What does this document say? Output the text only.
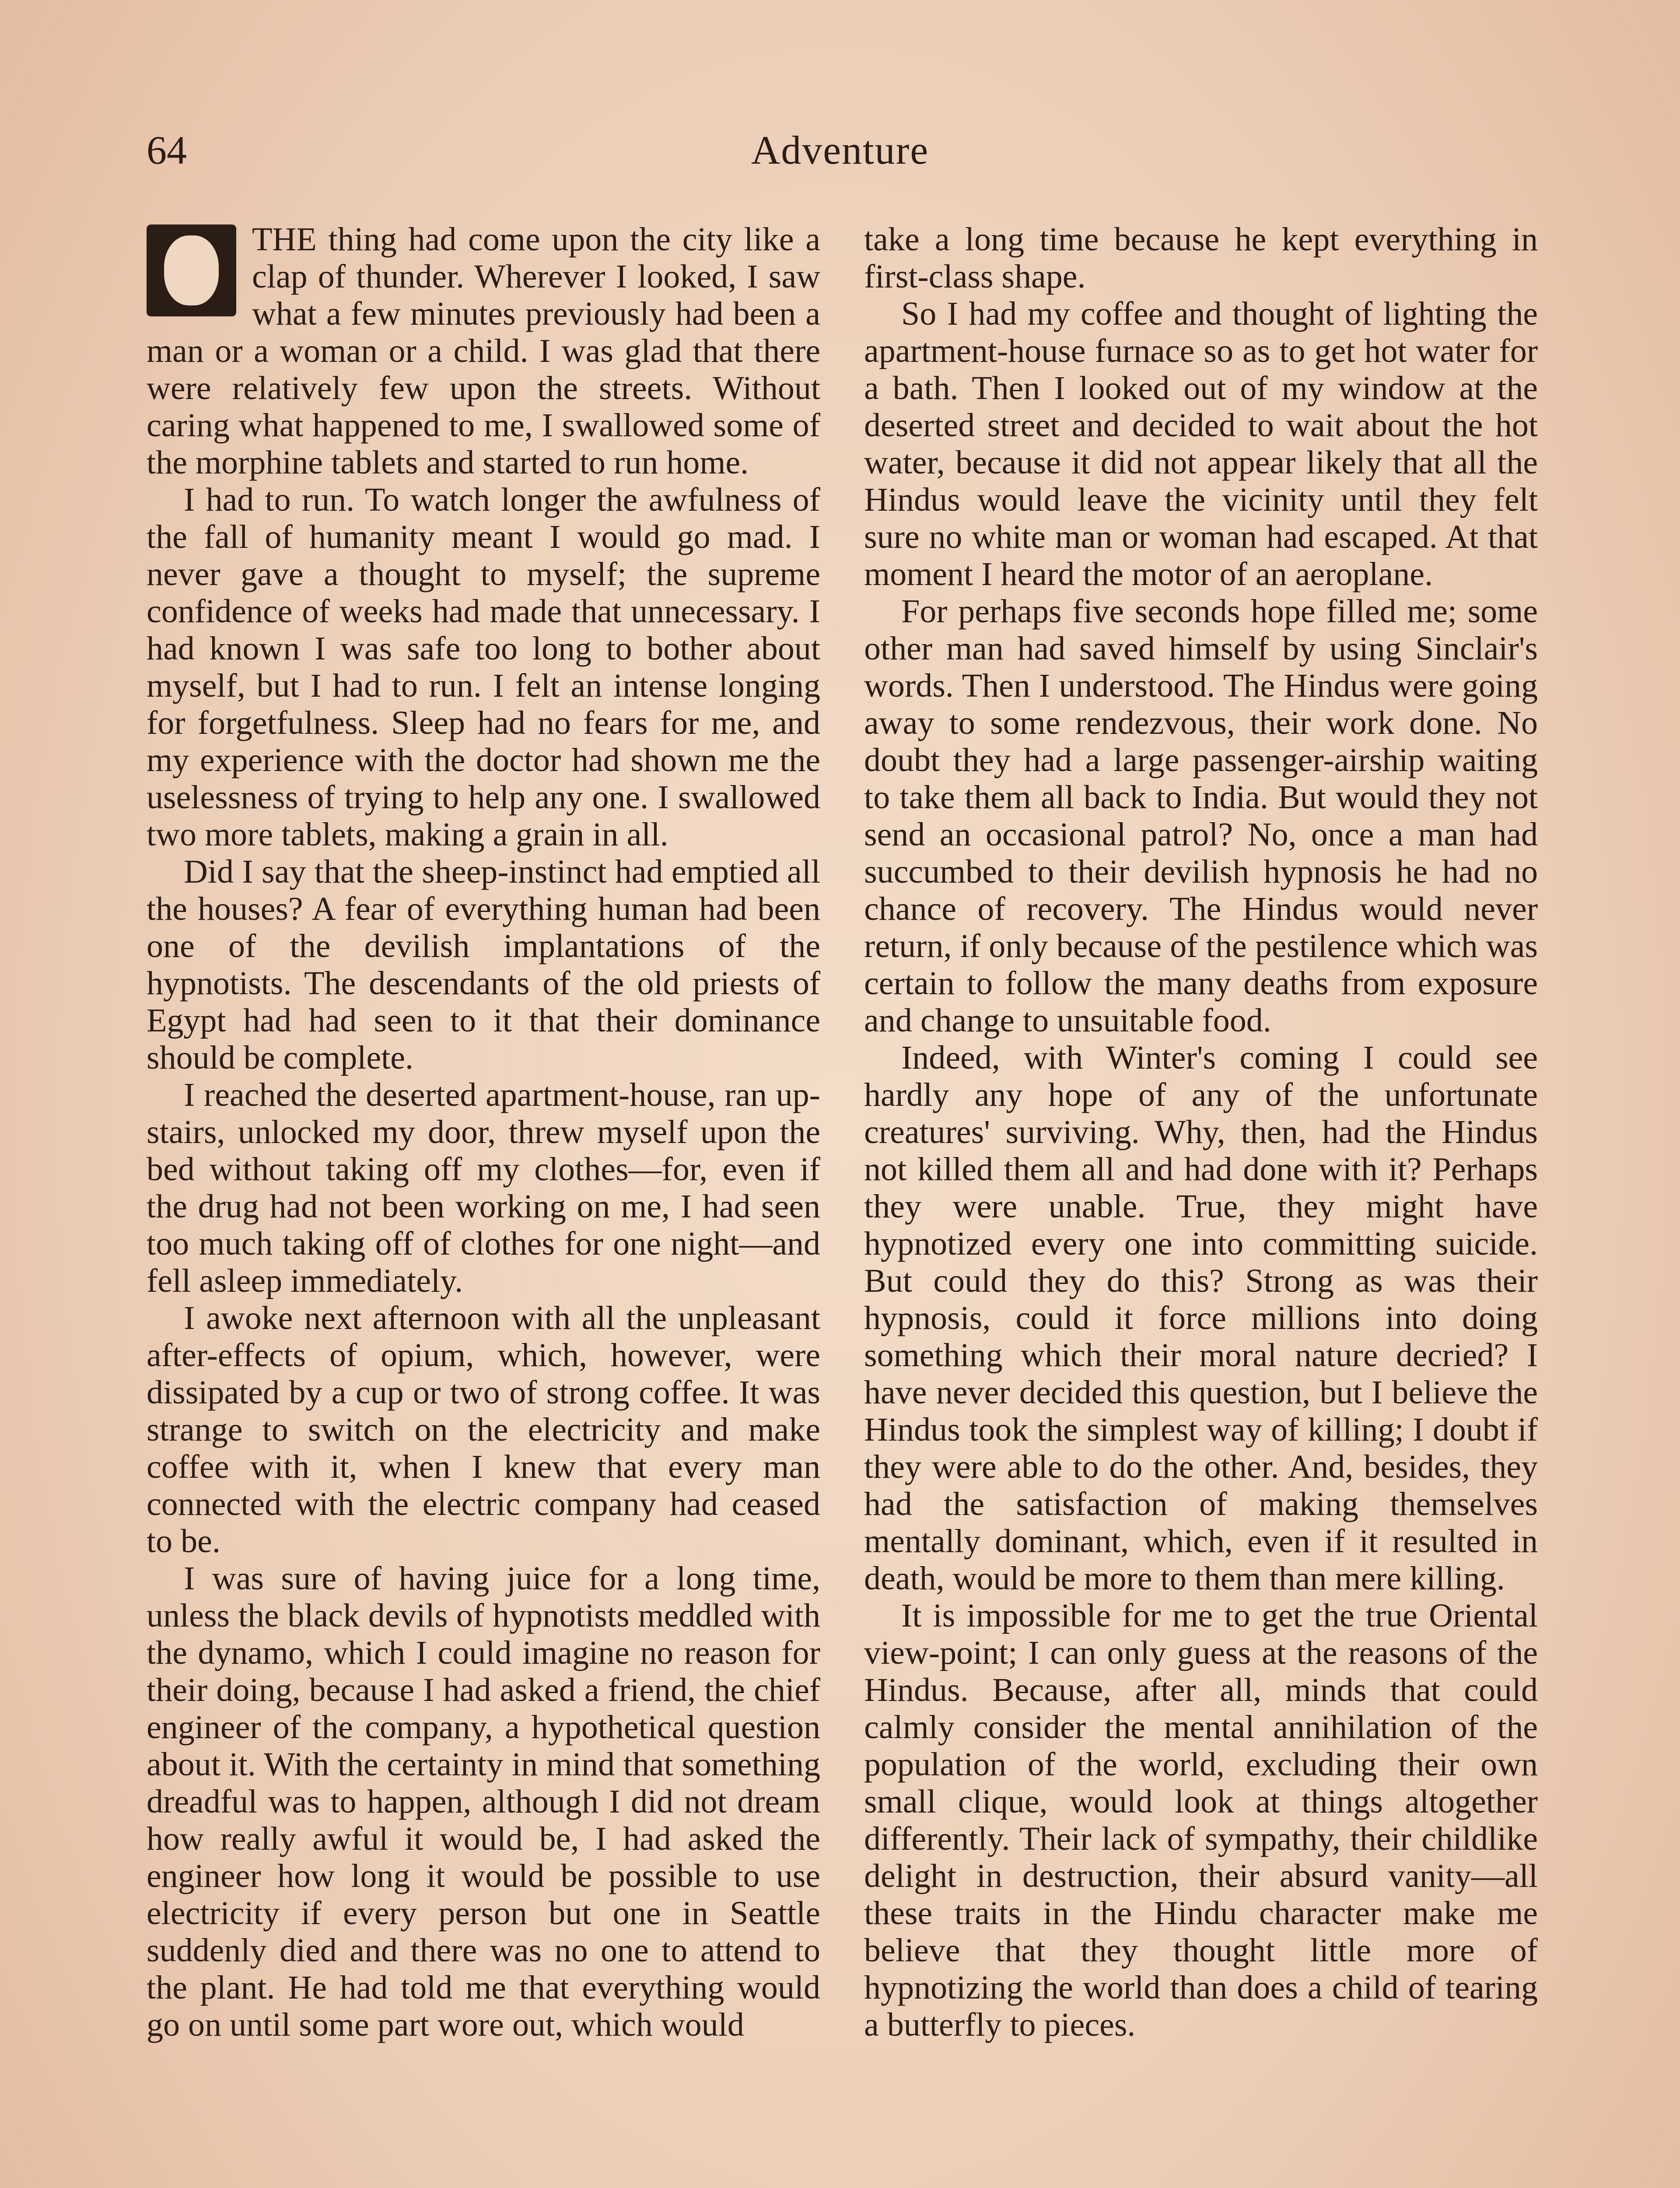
64	Adventure

THE thing had come upon the city like a clap of thunder. Wherever I looked, I saw what a few minutes previously had been a man or a woman or a child. I was glad that there were relatively few upon the streets. Without caring what happened to me, I swallowed some of the morphine tablets and started to run home.

I had to run. To watch longer the awfulness of the fall of humanity meant I would go mad. I never gave a thought to myself; the supreme confidence of weeks had made that unnecessary. I had known I was safe too long to bother about myself, but I had to run. I felt an intense longing for forgetfulness. Sleep had no fears for me, and my experience with the doctor had shown me the uselessness of trying to help any one. I swallowed two more tablets, making a grain in all.

Did I say that the sheep-instinct had emptied all the houses? A fear of everything human had been one of the devilish implantations of the hypnotists. The descendants of the old priests of Egypt had had seen to it that their dominance should be complete.

I reached the deserted apartment-house, ran up-stairs, unlocked my door, threw myself upon the bed without taking off my clothes—for, even if the drug had not been working on me, I had seen too much taking off of clothes for one night—and fell asleep immediately.

I awoke next afternoon with all the unpleasant after-effects of opium, which, however, were dissipated by a cup or two of strong coffee. It was strange to switch on the electricity and make coffee with it, when I knew that every man connected with the electric company had ceased to be.

I was sure of having juice for a long time, unless the black devils of hypnotists meddled with the dynamo, which I could imagine no reason for their doing, because I had asked a friend, the chief engineer of the company, a hypothetical question about it. With the certainty in mind that something dreadful was to happen, although I did not dream how really awful it would be, I had asked the engineer how long it would be possible to use electricity if every person but one in Seattle suddenly died and there was no one to attend to the plant. He had told me that everything would go on until some part wore out, which would

take a long time because he kept everything in first-class shape.

So I had my coffee and thought of lighting the apartment-house furnace so as to get hot water for a bath. Then I looked out of my window at the deserted street and decided to wait about the hot water, because it did not appear likely that all the Hindus would leave the vicinity until they felt sure no white man or woman had escaped. At that moment I heard the motor of an aeroplane.

For perhaps five seconds hope filled me; some other man had saved himself by using Sinclair's words. Then I understood. The Hindus were going away to some rendezvous, their work done. No doubt they had a large passenger-airship waiting to take them all back to India. But would they not send an occasional patrol? No, once a man had succumbed to their devilish hypnosis he had no chance of recovery. The Hindus would never return, if only because of the pestilence which was certain to follow the many deaths from exposure and change to unsuitable food.

Indeed, with Winter's coming I could see hardly any hope of any of the unfortunate creatures' surviving. Why, then, had the Hindus not killed them all and had done with it? Perhaps they were unable. True, they might have hypnotized every one into committing suicide. But could they do this? Strong as was their hypnosis, could it force millions into doing something which their moral nature decried? I have never decided this question, but I believe the Hindus took the simplest way of killing; I doubt if they were able to do the other. And, besides, they had the satisfaction of making themselves mentally dominant, which, even if it resulted in death, would be more to them than mere killing.

It is impossible for me to get the true Oriental view-point; I can only guess at the reasons of the Hindus. Because, after all, minds that could calmly consider the mental annihilation of the population of the world, excluding their own small clique, would look at things altogether differently. Their lack of sympathy, their childlike delight in destruction, their absurd vanity—all these traits in the Hindu character make me believe that they thought little more of hypnotizing the world than does a child of tearing a butterfly to pieces.
